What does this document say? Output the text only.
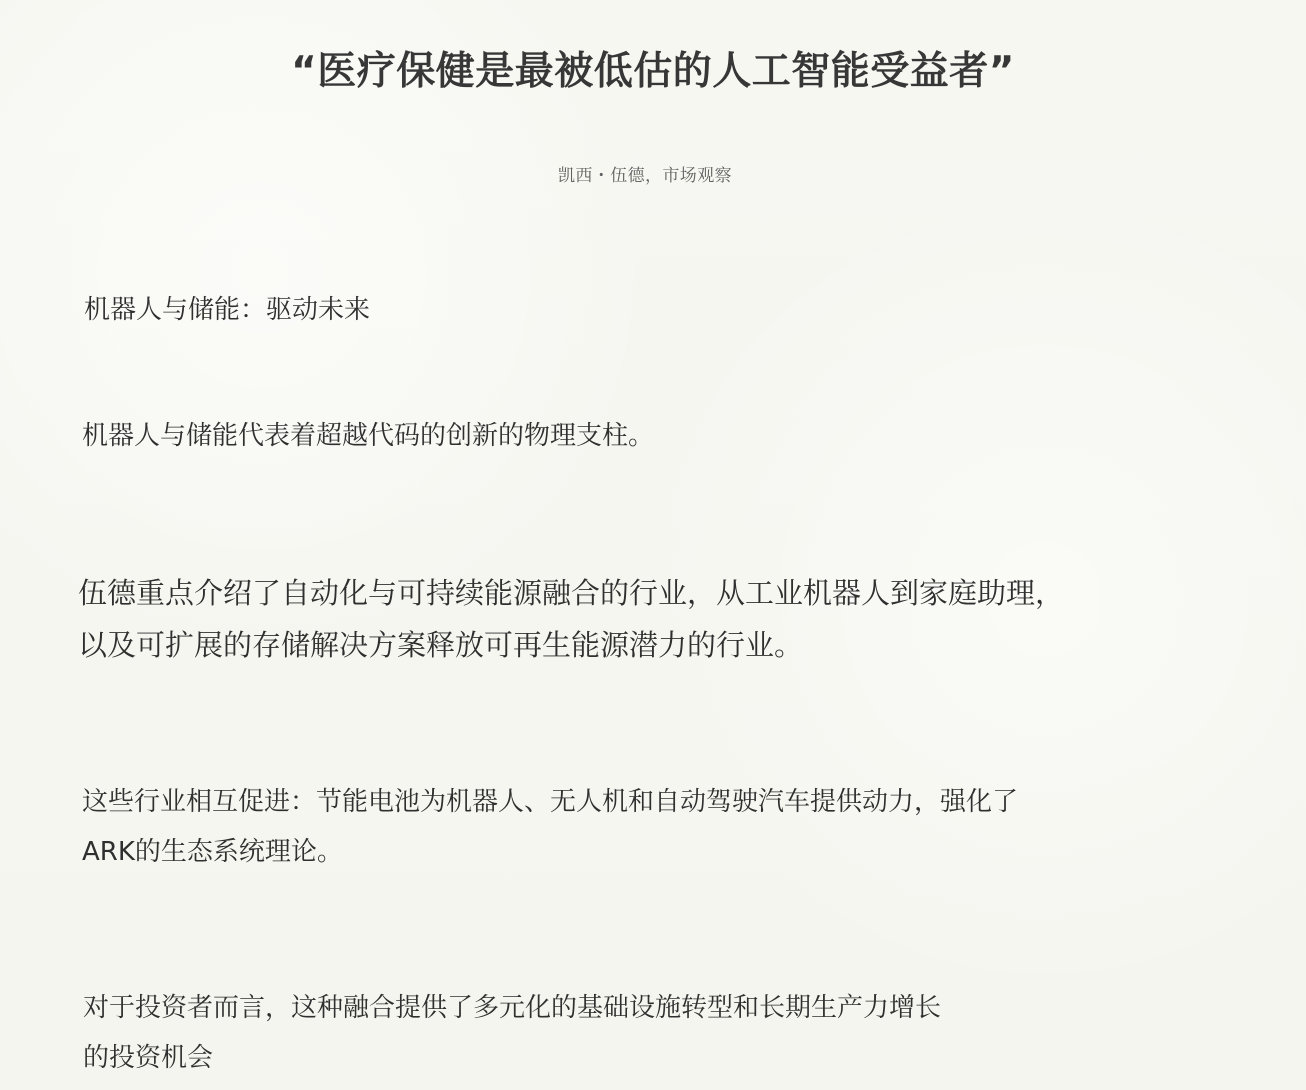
“医疗保健是最被低估的人工智能受益者”
凯西・伍德，市场观察
机器人与储能：驱动未来
机器人与储能代表着超越代码的创新的物理支柱。
伍德重点介绍了自动化与可持续能源融合的行业，从工业机器人到家庭助理，
以及可扩展的存储解决方案释放可再生能源潜力的行业。
这些行业相互促进：节能电池为机器人、无人机和自动驾驶汽车提供动力，强化了
ARK的生态系统理论。
对于投资者而言，这种融合提供了多元化的基础设施转型和长期生产力增长
的投资机会
